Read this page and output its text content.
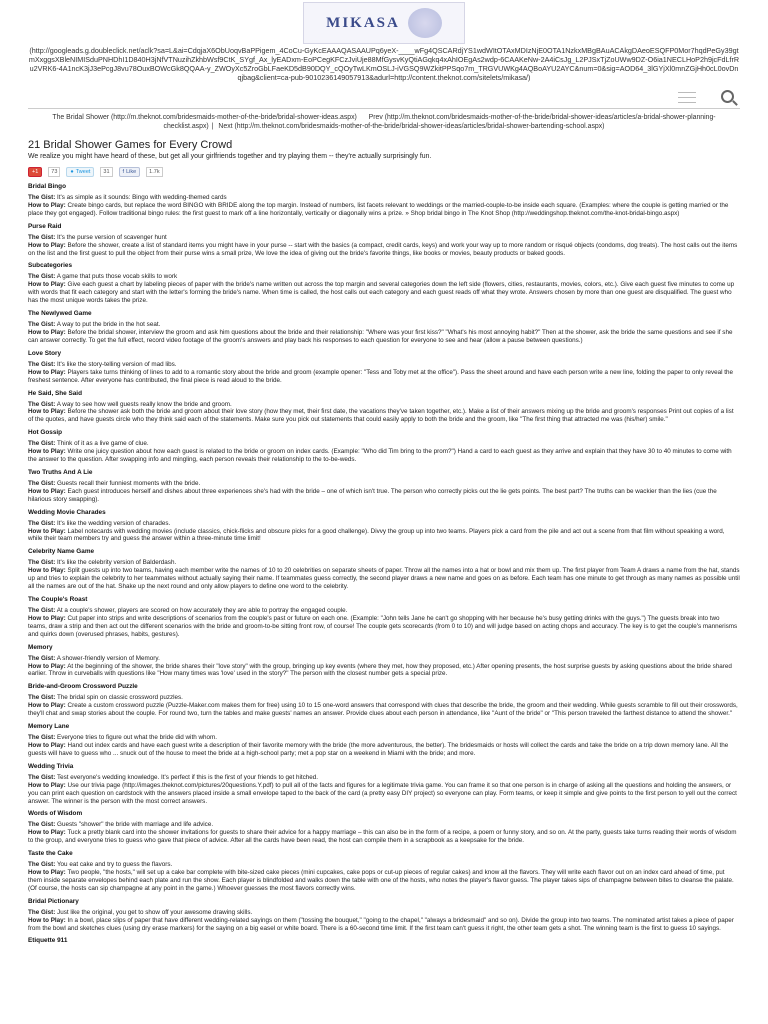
MIKASA
(http://googleads.g.doubleclick.net/aclk?sa=L&ai=CdqjaX6ObUoqvBaPPigem_4CoCu-GyKcEAAAQASAAUPq6yeX-____wFg4QSCARdjYS1wdWItOTAxMDIzNjE0OTA1NzkxMBgBAuACAkgDAeoESQFP0Mor7hqdPeGy39gtmXxggsXBleNIMISduPNHDhI1D840H3jNfVTNuzihZkhbWsf9CtK_SYgf_Ax_lyEADxm-EoPCegKFCzJviUje88MfGysvKyQtiAGqkq4xAhIOEgAs2wdp-6CAAKeNw-2A4iCsJg_L2PJSxTjZoUWw9DZ-O6ia1NECLHoP2h9jcFdLfrRu2VRK6-4A1ncK3jJ3ePcgJ8vu78OuxBOWcGk8QQAA-y_ZWOyXc5ZroGbLFaeKD5dB90DQY_cQOyTwLKmOSLJ-iVGSQ9WZkitPPSqo7m_TRGVUWKg4AQBoAYU2AYC&num=0&sig=AOD64_3lGYjXl0mnZGjHh0cL0ovDnqjbag&client=ca-pub-9010236149057913&adurl=http://content.theknot.com/sitelets/mikasa/)
The Bridal Shower (http://m.theknot.com/bridesmaids-mother-of-the-bride/bridal-shower-ideas.aspx) Prev (http://m.theknot.com/bridesmaids-mother-of-the-bride/bridal-shower-ideas/articles/a-bridal-shower-planning-checklist.aspx) | Next (http://m.theknot.com/bridesmaids-mother-of-the-bride/bridal-shower-ideas/articles/bridal-shower-bartending-school.aspx)
21 Bridal Shower Games for Every Crowd

We realize you might have heard of these, but get all your girlfriends together and try playing them -- they're actually surprisingly fun.

+1	73	● Tweet	31	f Like	1.7k
Bridal Bingo

The Gist: It's as simple as it sounds: Bingo with wedding-themed cards

How to Play: Create bingo cards, but replace the word BINGO with BRIDE along the top margin. Instead of numbers, list facets relevant to weddings or the married-couple-to-be inside each square. (Examples: where the couple is getting married or the place they got engaged). Follow traditional bingo rules: the first guest to mark off a line horizontally, vertically or diagonally wins a prize. » Shop bridal bingo in The Knot Shop (http://weddingshop.theknot.com/the-knot-bridal-bingo.aspx)

Purse Raid

The Gist: It's the purse version of scavenger hunt

How to Play: Before the shower, create a list of standard items you might have in your purse -- start with the basics (a compact, credit cards, keys) and work your way up to more random or risqué objects (condoms, dog treats). The host calls out the items on the list and the first guest to pull the object from their purse wins a small prize, We love the idea of giving out the bride's favorite things, like books or movies, beauty products or baked goods.

Subcategories

The Gist: A game that puts those vocab skills to work

How to Play: Give each guest a chart by labeling pieces of paper with the bride's name written out across the top margin and several categories down the left side (flowers, cities, restaurants, movies, colors, etc.). Give each guest five minutes to come up with words that fit each category and start with the letter's forming the bride's name. When time is called, the host calls out each category and each guest reads off what they wrote. Answers chosen by more than one guest are disqualified. The guest who has the most unique words takes the prize.

The Newlywed Game

The Gist: A way to put the bride in the hot seat.

How to Play: Before the bridal shower, interview the groom and ask him questions about the bride and their relationship: "Where was your first kiss?" "What's his most annoying habit?" Then at the shower, ask the bride the same questions and see if she can answer correctly. To get the full effect, record video footage of the groom's answers and play back his responses to each question for everyone to see and hear (allow a pause between questions.)

Love Story

The Gist: It's like the story-telling version of mad libs.

How to Play: Players take turns thinking of lines to add to a romantic story about the bride and groom (example opener: "Tess and Toby met at the office"). Pass the sheet around and have each person write a new line, folding the paper to only reveal the freshest sentence. After everyone has contributed, the final piece is read aloud to the bride.

He Said, She Said

The Gist: A way to see how well guests really know the bride and groom.

How to Play: Before the shower ask both the bride and groom about their love story (how they met, their first date, the vacations they've taken together, etc.). Make a list of their answers mixing up the bride and groom's responses Print out copies of a list of the quotes, and have guests circle who they think said each of the statements. Make sure you pick out statements that could easily apply to both the bride and the groom, like "The first thing that attracted me was (his/her) smile."

Hot Gossip

The Gist: Think of it as a live game of clue.

How to Play: Write one juicy question about how each guest is related to the bride or groom on index cards. (Example: "Who did Tim bring to the prom?") Hand a card to each guest as they arrive and explain that they have 30 to 40 minutes to come with the answer to the question. After swapping info and mingling, each person reveals their relationship to the to-be-weds.

Two Truths And A Lie

The Gist: Guests recall their funniest moments with the bride.

How to Play: Each guest introduces herself and dishes about three experiences she's had with the bride – one of which isn't true. The person who correctly picks out the lie gets points. The best part? The truths can be wackier than the lies (cue the hilarious story swapping).

Wedding Movie Charades

The Gist: It's like the wedding version of charades.

How to Play: Label notecards with wedding movies (include classics, chick-flicks and obscure picks for a good challenge). Divvy the group up into two teams. Players pick a card from the pile and act out a scene from that film without speaking a word, while their team members try and guess the answer within a three-minute time limit!

Celebrity Name Game

The Gist: It's like the celebrity version of Balderdash.

How to Play: Split guests up into two teams, having each member write the names of 10 to 20 celebrities on separate sheets of paper. Throw all the names into a hat or bowl and mix them up. The first player from Team A draws a name from the hat, stands up and tries to explain the celebrity to her teammates without actually saying their name. If teammates guess correctly, the second player draws a new name and goes on as before. Each team has one minute to get through as many names as possible until all the names are out of the hat. Shake up the next round and only allow players to define one word to the celebrity.

The Couple's Roast

The Gist: At a couple's shower, players are scored on how accurately they are able to portray the engaged couple.

How to Play: Cut paper into strips and write descriptions of scenarios from the couple's past or future on each one. (Example: "John tells Jane he can't go shopping with her because he's busy getting drinks with the guys.") The guests break into two teams, draw a strip and then act out the different scenarios with the bride and groom-to-be sitting front row, of course! The couple gets scorecards (from 0 to 10) and will judge based on acting chops and accuracy. The key is to get the couple's mannerisms and quirks down (overused phrases, habits, gestures).

Memory

The Gist: A shower-friendly version of Memory.

How to Play: At the beginning of the shower, the bride shares their "love story" with the group, bringing up key events (where they met, how they proposed, etc.) After opening presents, the host surprise guests by asking questions about the bride shared earlier. Throw in curveballs with questions like "How many times was 'love' used in the story?" The person with the closest number gets a special prize.

Bride-and-Groom Crossword Puzzle

The Gist: The bridal spin on classic crossword puzzles.

How to Play: Create a custom crossword puzzle (Puzzle-Maker.com makes them for free) using 10 to 15 one-word answers that correspond with clues that describe the bride, the groom and their wedding. While guests scramble to fill out their crosswords, they'll chat and swap stories about the couple. For round two, turn the tables and make guests' names an answer. Provide clues about each person in attendance, like "Aunt of the bride" or "This person traveled the farthest distance to attend the shower."

Memory Lane

The Gist: Everyone tries to figure out what the bride did with whom.

How to Play: Hand out index cards and have each guest write a description of their favorite memory with the bride (the more adventurous, the better). The bridesmaids or hosts will collect the cards and take the bride on a trip down memory lane. All the guests will have to guess who ... snuck out of the house to meet the bride at a high-school party; met a pop star on a weekend in Miami with the bride; and more.

Wedding Trivia

The Gist: Test everyone's wedding knowledge. It's perfect if this is the first of your friends to get hitched.

How to Play: Use our trivia page (http://images.theknot.com/pictures/20questions.Y.pdf) to pull all of the facts and figures for a legitimate trivia game. You can frame it so that one person is in charge of asking all the questions and holding the answers, or you can print each question on cardstock with the answers placed inside a small envelope taped to the back of the card (a pretty easy DIY project) so everyone can play. Form teams, or keep it simple and give points to the first person to yell out the correct answer. The winner is the person with the most correct answers.

Words of Wisdom

The Gist: Guests "shower" the bride with marriage and life advice.

How to Play: Tuck a pretty blank card into the shower invitations for guests to share their advice for a happy marriage – this can also be in the form of a recipe, a poem or funny story, and so on. At the party, guests take turns reading their words of wisdom to the group, and everyone tries to guess who gave that piece of advice. After all the cards have been read, the host can compile them in a scrapbook as a keepsake for the bride.

Taste the Cake

The Gist: You eat cake and try to guess the flavors.

How to Play: Two people, "the hosts," will set up a cake bar complete with bite-sized cake pieces (mini cupcakes, cake pops or cut-up pieces of regular cakes) and know all the flavors. They will write each flavor out on an index card ahead of time, put them inside separate envelopes behind each plate and run the show. Each player is blindfolded and walks down the table with one of the hosts, who notes the player's flavor guess. The player takes sips of champagne between bites to cleanse the palate. (Of course, the hosts can sip champagne at any point in the game.) Whoever guesses the most flavors correctly wins.

Bridal Pictionary

The Gist: Just like the original, you get to show off your awesome drawing skills.

How to Play: In a bowl, place slips of paper that have different wedding-related sayings on them ("tossing the bouquet," "going to the chapel," "always a bridesmaid" and so on). Divide the group into two teams. The nominated artist takes a piece of paper from the bowl and sketches clues (using dry erase markers) for the saying on a big easel or white board. There is a 60-second time limit. If the first team can't guess it right, the other team gets a shot. The winning team is the first to guess 10 sayings.

Etiquette 911
